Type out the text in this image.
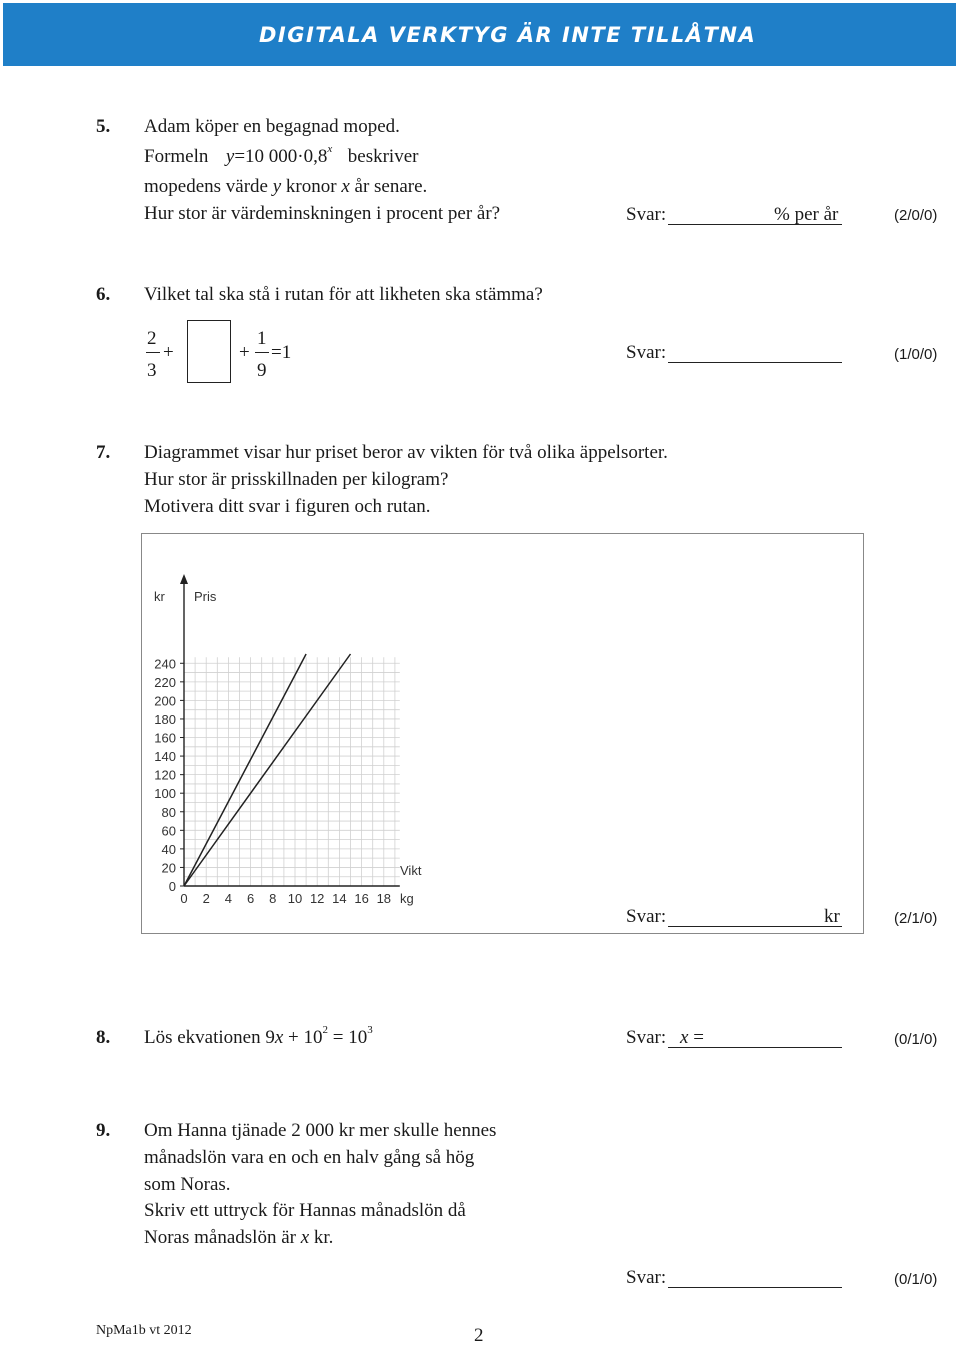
DIGITALA VERKTYG ÄR INTE TILLÅTNA
5. Adam köper en begagnad moped.
Formeln y=10 $000\cdot 0,8^x$ beskriver
mopedens värde y kronor x år senare.
Hur stor är värdeminskningen i procent per år?	Svar:	% per år	(2/0/0)
6. Vilket tal ska stå i rutan för att likheten ska stämma?
2
3
+	+
1
9
=1	Svar:	(1/0/0)
7. Diagrammet visar hur priset beror av vikten för två olika äppelsorter.
Hur stor är prisskillnaden per kilogram?
Motivera ditt svar i figuren och rutan.
0
20
40
60
80
100
120
140
160
180
200
220
240
0 2 4 6 8 10 12 14 16 18
kr Pris
Vikt
kg
Svar:	kr	(2/1/0)
8. Lös ekvationen $9x + 10^2 = 10^3$	Svar: x =	(0/1/0)
9. Om Hanna tjänade 2 000 kr mer skulle hennes
månadslön vara en och en halv gång så hög
som Noras.
Skriv ett uttryck för Hannas månadslön då
Noras månadslön är x kr.
Svar:	(0/1/0)
NpMa1b vt 2012	2
